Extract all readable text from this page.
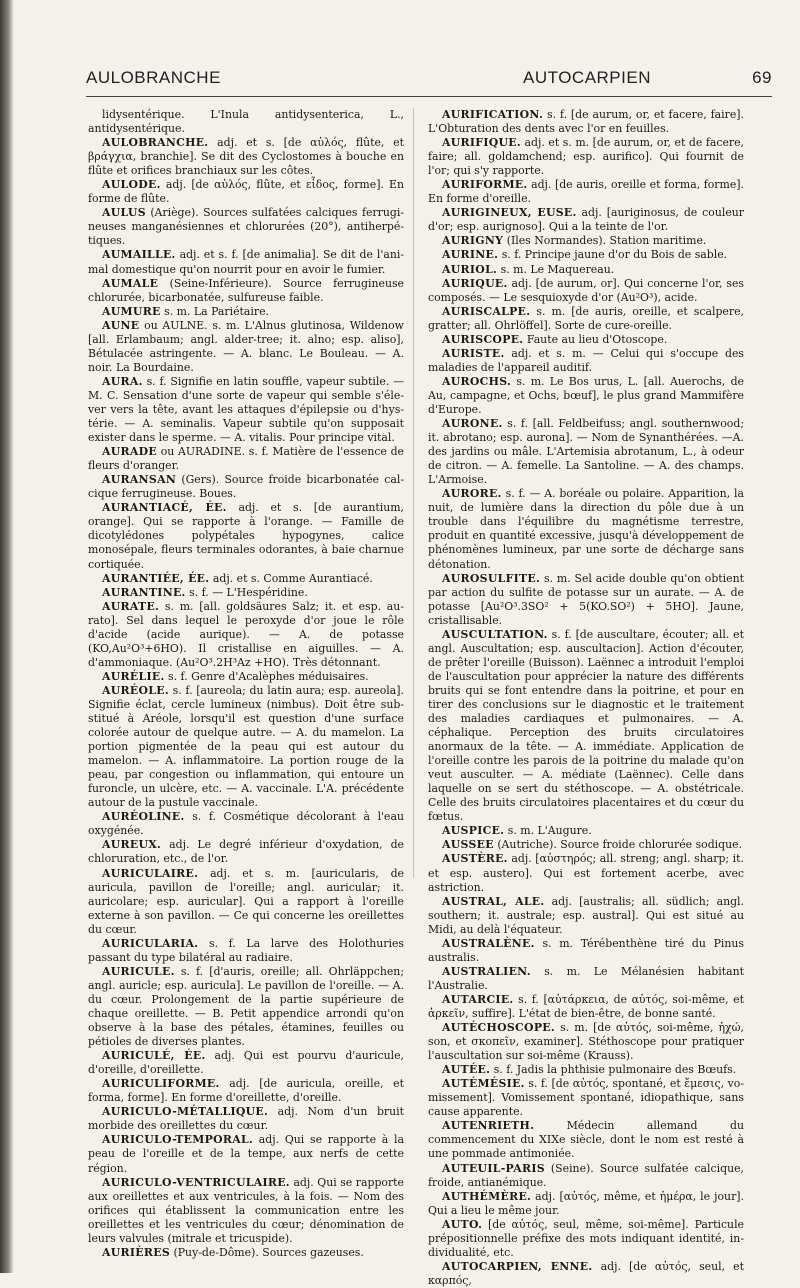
AULOBRANCHE	AUTOCARPIEN	69

lidysentérique. L'Inula antidysenterica, L., antidysentérique.

AULOBRANCHE. adj. et s. [de αὐλός, flûte, et βράγχια, branchie]. Se dit des Cyclostomes à bouche en flûte et orifices branchiaux sur les côtes.

AULODE. adj. [de αὐλός, flûte, et εἶδος, forme]. En forme de flûte.

AULUS (Ariège). Sources sulfatées calciques ferrugineuses manganésiennes et chlorurées (20°), antiherpétiques.

AUMAILLE. adj. et s. f. [de animalia]. Se dit de l'animal domestique qu'on nourrit pour en avoir le fumier.

AUMALE (Seine-Inférieure). Source ferrugineuse chlorurée, bicarbonatée, sulfureuse faible.

AUMURE s. m. La Pariétaire.

AUNE ou AULNE. s. m. L'Alnus glutinosa, Wildenow [all. Erlambaum; angl. alder-tree; it. alno; esp. aliso], Bétulacée astringente. — A. blanc. Le Bouleau. — A. noir. La Bourdaine.

AURA. s. f. Signifie en latin souffle, vapeur subtile. — M. C. Sensation d'une sorte de vapeur qui semble s'élever vers la tête, avant les attaques d'épilepsie ou d'hystérie. — A. seminalis. Vapeur subtile qu'on supposait exister dans le sperme. — A. vitalis. Pour principe vital.

AURADE ou AURADINE. s. f. Matière de l'essence de fleurs d'oranger.

AURANSAN (Gers). Source froide bicarbonatée calcique ferrugineuse. Boues.

AURANTIACÉ, ÉE. adj. et s. [de aurantium, orange]. Qui se rapporte à l'orange. — Famille de dicotylédones polypétales hypogynes, calice monosépale, fleurs terminales odorantes, à baie charnue cortiquée.

AURANTIÉE, ÉE. adj. et s. Comme Aurantiacé.

AURANTINE. s. f. — L'Hespéridine.

AURATE. s. m. [all. goldsäures Salz; it. et esp. aurato]. Sel dans lequel le peroxyde d'or joue le rôle d'acide (acide aurique). — A. de potasse (KO,Au²O³+6HO). Il cristallise en aiguilles. — A. d'ammoniaque. (Au²O³.2H³Az +HO). Très détonnant.

AURÉLIE. s. f. Genre d'Acalèphes méduisaires.

AURÉOLE. s. f. [aureola; du latin aura; esp. aureola]. Signifie éclat, cercle lumineux (nimbus). Doit être substitué à Aréole, lorsqu'il est question d'une surface colorée autour de quelque autre. — A. du mamelon. La portion pigmentée de la peau qui est autour du mamelon. — A. inflammatoire. La portion rouge de la peau, par congestion ou inflammation, qui entoure un furoncle, un ulcère, etc. — A. vaccinale. L'A. précédente autour de la pustule vaccinale.

AURÉOLINE. s. f. Cosmétique décolorant à l'eau oxygénée.

AUREUX. adj. Le degré inférieur d'oxydation, de chloruration, etc., de l'or.

AURICULAIRE. adj. et s. m. [auricularis, de auricula, pavillon de l'oreille; angl. auricular; it. auricolare; esp. auricular]. Qui a rapport à l'oreille externe à son pavillon. — Ce qui concerne les oreillettes du cœur.

AURICULARIA. s. f. La larve des Holothuries passant du type bilatéral au radiaire.

AURICULE. s. f. [d'auris, oreille; all. Ohrläppchen; angl. auricle; esp. auricula]. Le pavillon de l'oreille. — A. du cœur. Prolongement de la partie supérieure de chaque oreillette. — B. Petit appendice arrondi qu'on observe à la base des pétales, étamines, feuilles ou pétioles de diverses plantes.

AURICULÉ, ÉE. adj. Qui est pourvu d'auricule, d'oreille, d'oreillette.

AURICULIFORME. adj. [de auricula, oreille, et forma, forme]. En forme d'oreillette, d'oreille.

AURICULO-MÉTALLIQUE. adj. Nom d'un bruit morbide des oreillettes du cœur.

AURICULO-TEMPORAL. adj. Qui se rapporte à la peau de l'oreille et de la tempe, aux nerfs de cette région.

AURICULO-VENTRICULAIRE. adj. Qui se rapporte aux oreillettes et aux ventricules, à la fois. — Nom des orifices qui établissent la communication entre les oreillettes et les ventricules du cœur; dénomination de leurs valvules (mitrale et tricuspide).

AURIÈRES (Puy-de-Dôme). Sources gazeuses.

AURIFICATION. s. f. [de aurum, or, et facere, faire]. L'Obturation des dents avec l'or en feuilles.

AURIFIQUE. adj. et s. m. [de aurum, or, et de facere, faire; all. goldamchend; esp. aurifico]. Qui fournit de l'or; qui s'y rapporte.

AURIFORME. adj. [de auris, oreille et forma, forme]. En forme d'oreille.

AURIGINEUX, EUSE. adj. [auriginosus, de couleur d'or; esp. aurignoso]. Qui a la teinte de l'or.

AURIGNY (Iles Normandes). Station maritime.

AURINE. s. f. Principe jaune d'or du Bois de sable.

AURIOL. s. m. Le Maquereau.

AURIQUE. adj. [de aurum, or]. Qui concerne l'or, ses composés. — Le sesquioxyde d'or (Au²O³), acide.

AURISCALPE. s. m. [de auris, oreille, et scalpere, gratter; all. Ohrlöffel]. Sorte de cure-oreille.

AURISCOPE. Faute au lieu d'Otoscope.

AURISTE. adj. et s. m. — Celui qui s'occupe des maladies de l'appareil auditif.

AUROCHS. s. m. Le Bos urus, L. [all. Auerochs, de Au, campagne, et Ochs, bœuf], le plus grand Mammifère d'Europe.

AURONE. s. f. [all. Feldbeifuss; angl. southernwood; it. abrotano; esp. aurona]. — Nom de Synanthérées. —A. des jardins ou mâle. L'Artemisia abrotanum, L., à odeur de citron. — A. femelle. La Santoline. — A. des champs. L'Armoise.

AURORE. s. f. — A. boréale ou polaire. Apparition, la nuit, de lumière dans la direction du pôle due à un trouble dans l'équilibre du magnétisme terrestre, produit en quantité excessive, jusqu'à développement de phénomènes lumineux, par une sorte de décharge sans détonation.

AUROSULFITE. s. m. Sel acide double qu'on obtient par action du sulfite de potasse sur un aurate. — A. de potasse [Au²O³.3SO² + 5(KO.SO²) + 5HO]. Jaune, cristallisable.

AUSCULTATION. s. f. [de auscultare, écouter; all. et angl. Auscultation; esp. auscultacion]. Action d'écouter, de prêter l'oreille (Buisson). Laënnec a introduit l'emploi de l'auscultation pour apprécier la nature des différents bruits qui se font entendre dans la poitrine, et pour en tirer des conclusions sur le diagnostic et le traitement des maladies cardiaques et pulmonaires. — A. céphalique. Perception des bruits circulatoires anormaux de la tête. — A. immédiate. Application de l'oreille contre les parois de la poitrine du malade qu'on veut ausculter. — A. médiate (Laënnec). Celle dans laquelle on se sert du stéthoscope. — A. obstétricale. Celle des bruits circulatoires placentaires et du cœur du fœtus.

AUSPICE. s. m. L'Augure.

AUSSEE (Autriche). Source froide chlorurée sodique.

AUSTÈRE. adj. [αὐστηρός; all. streng; angl. sharp; it. et esp. austero]. Qui est fortement acerbe, avec astriction.

AUSTRAL, ALE. adj. [australis; all. südlich; angl. southern; it. australe; esp. austral]. Qui est situé au Midi, au delà l'équateur.

AUSTRALÈNE. s. m. Térébenthène tiré du Pinus australis.

AUSTRALIEN. s. m. Le Mélanésien habitant l'Australie.

AUTARCIE. s. f. [αὐτάρκεια, de αὐτός, soi-même, et ἀρκεῖν, suffire]. L'état de bien-être, de bonne santé.

AUTÉCHOSCOPE. s. m. [de αὐτός, soi-même, ἠχώ, son, et σκοπεῖν, examiner]. Stéthoscope pour pratiquer l'auscultation sur soi-même (Krauss).

AUTÉE. s. f. Jadis la phthisie pulmonaire des Bœufs.

AUTÉMÉSIE. s. f. [de αὐτός, spontané, et ἔμεσις, vomissement]. Vomissement spontané, idiopathique, sans cause apparente.

AUTENRIETH.	Médecin allemand du commencement du XIXe siècle, dont le nom est resté à une pommade antimoniée.

AUTEUIL-PARIS (Seine). Source sulfatée calcique, froide, antianémique.

AUTHÉMÈRE. adj. [αὐτός, même, et ἡμέρα, le jour]. Qui a lieu le même jour.

AUTO. [de αὐτός, seul, même, soi-même]. Particule prépositionnelle préfixe des mots indiquant identité, individualité, etc.

AUTOCARPIEN, ENNE. adj. [de αὐτός, seul, et καρπός,
